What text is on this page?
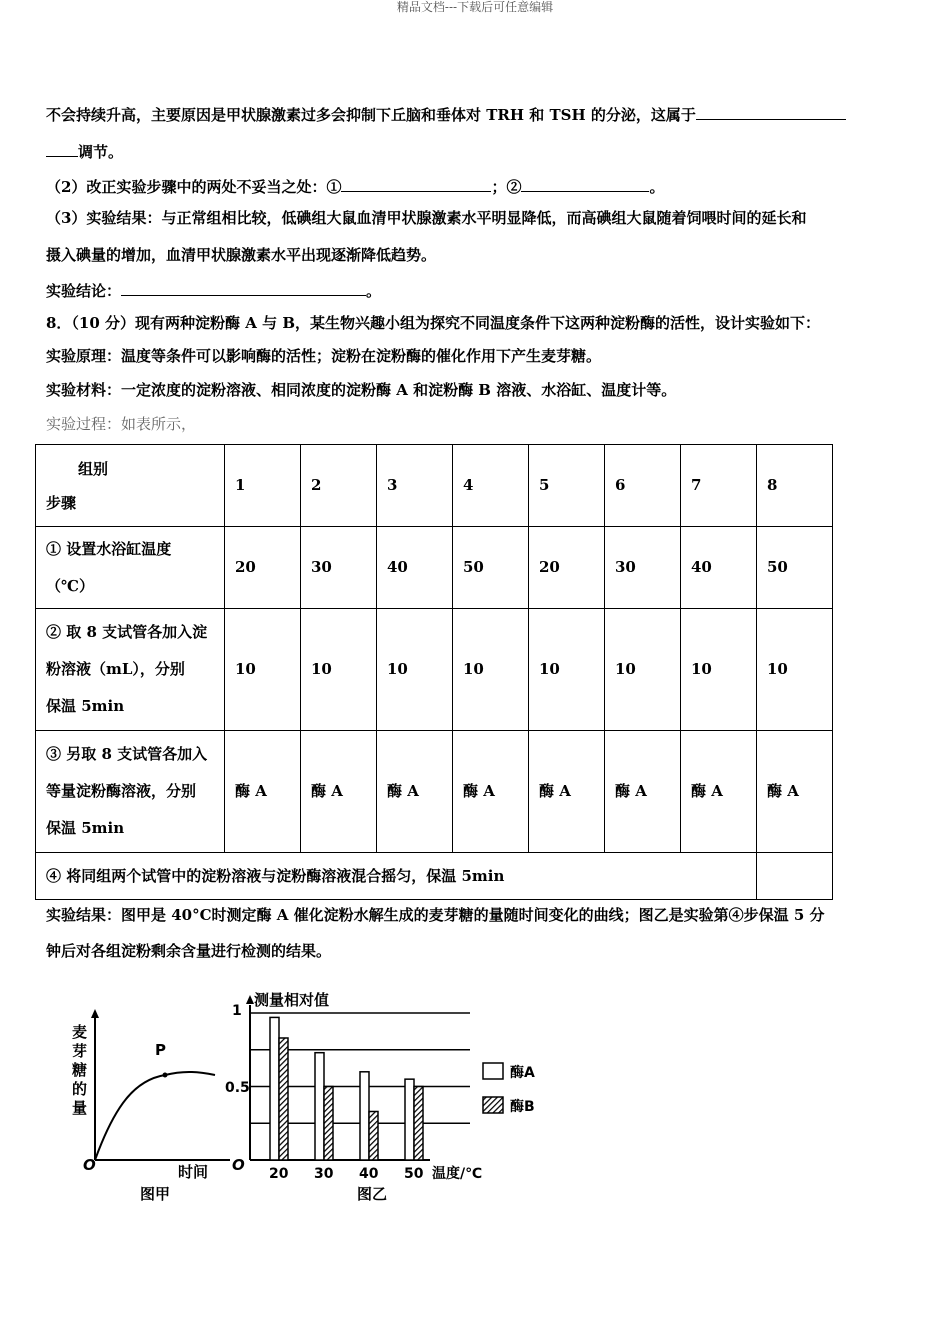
精品文档---下载后可任意编辑
不会持续升高，主要原因是甲状腺激素过多会抑制下丘脑和垂体对 TRH 和 TSH 的分泌，这属于
调节。
（2）改正实验步骤中的两处不妥当之处：①	；②	。
（3）实验结果：与正常组相比较，低碘组大鼠血清甲状腺激素水平明显降低，而高碘组大鼠随着饲喂时间的延长和
摄入碘量的增加，血清甲状腺激素水平出现逐渐降低趋势。
实验结论：	。
8．（10 分）现有两种淀粉酶 A 与 B，某生物兴趣小组为探究不同温度条件下这两种淀粉酶的活性，设计实验如下：
实验原理：温度等条件可以影响酶的活性；淀粉在淀粉酶的催化作用下产生麦芽糖。
实验材料：一定浓度的淀粉溶液、相同浓度的淀粉酶 A 和淀粉酶 B 溶液、水浴缸、温度计等。
实验过程：如表所示，
组别
步骤	1	2	3	4	5	6	7	8

① 设置水浴缸温度
（℃）	20	30	40	50	20	30	40	50

② 取 8 支试管各加入淀
粉溶液（mL），分别
保温 5min	10	10	10	10	10	10	10	10

③ 另取 8 支试管各加入
等量淀粉酶溶液，分别
保温 5min	酶 A	酶 A	酶 A	酶 A	酶 A	酶 A	酶 A	酶 A
④ 将同组两个试管中的淀粉溶液与淀粉酶溶液混合摇匀，保温 5min								
实验结果：图甲是 40°C时测定酶 A 催化淀粉水解生成的麦芽糖的量随时间变化的曲线；图乙是实验第④步保温 5 分
钟后对各组淀粉剩余含量进行检测的结果。
麦
芽
糖
的
量
P
O	时间
图甲
20 30 40 50
测量相对值
1
0.5
O	温度/℃
图乙
酶A
酶B
